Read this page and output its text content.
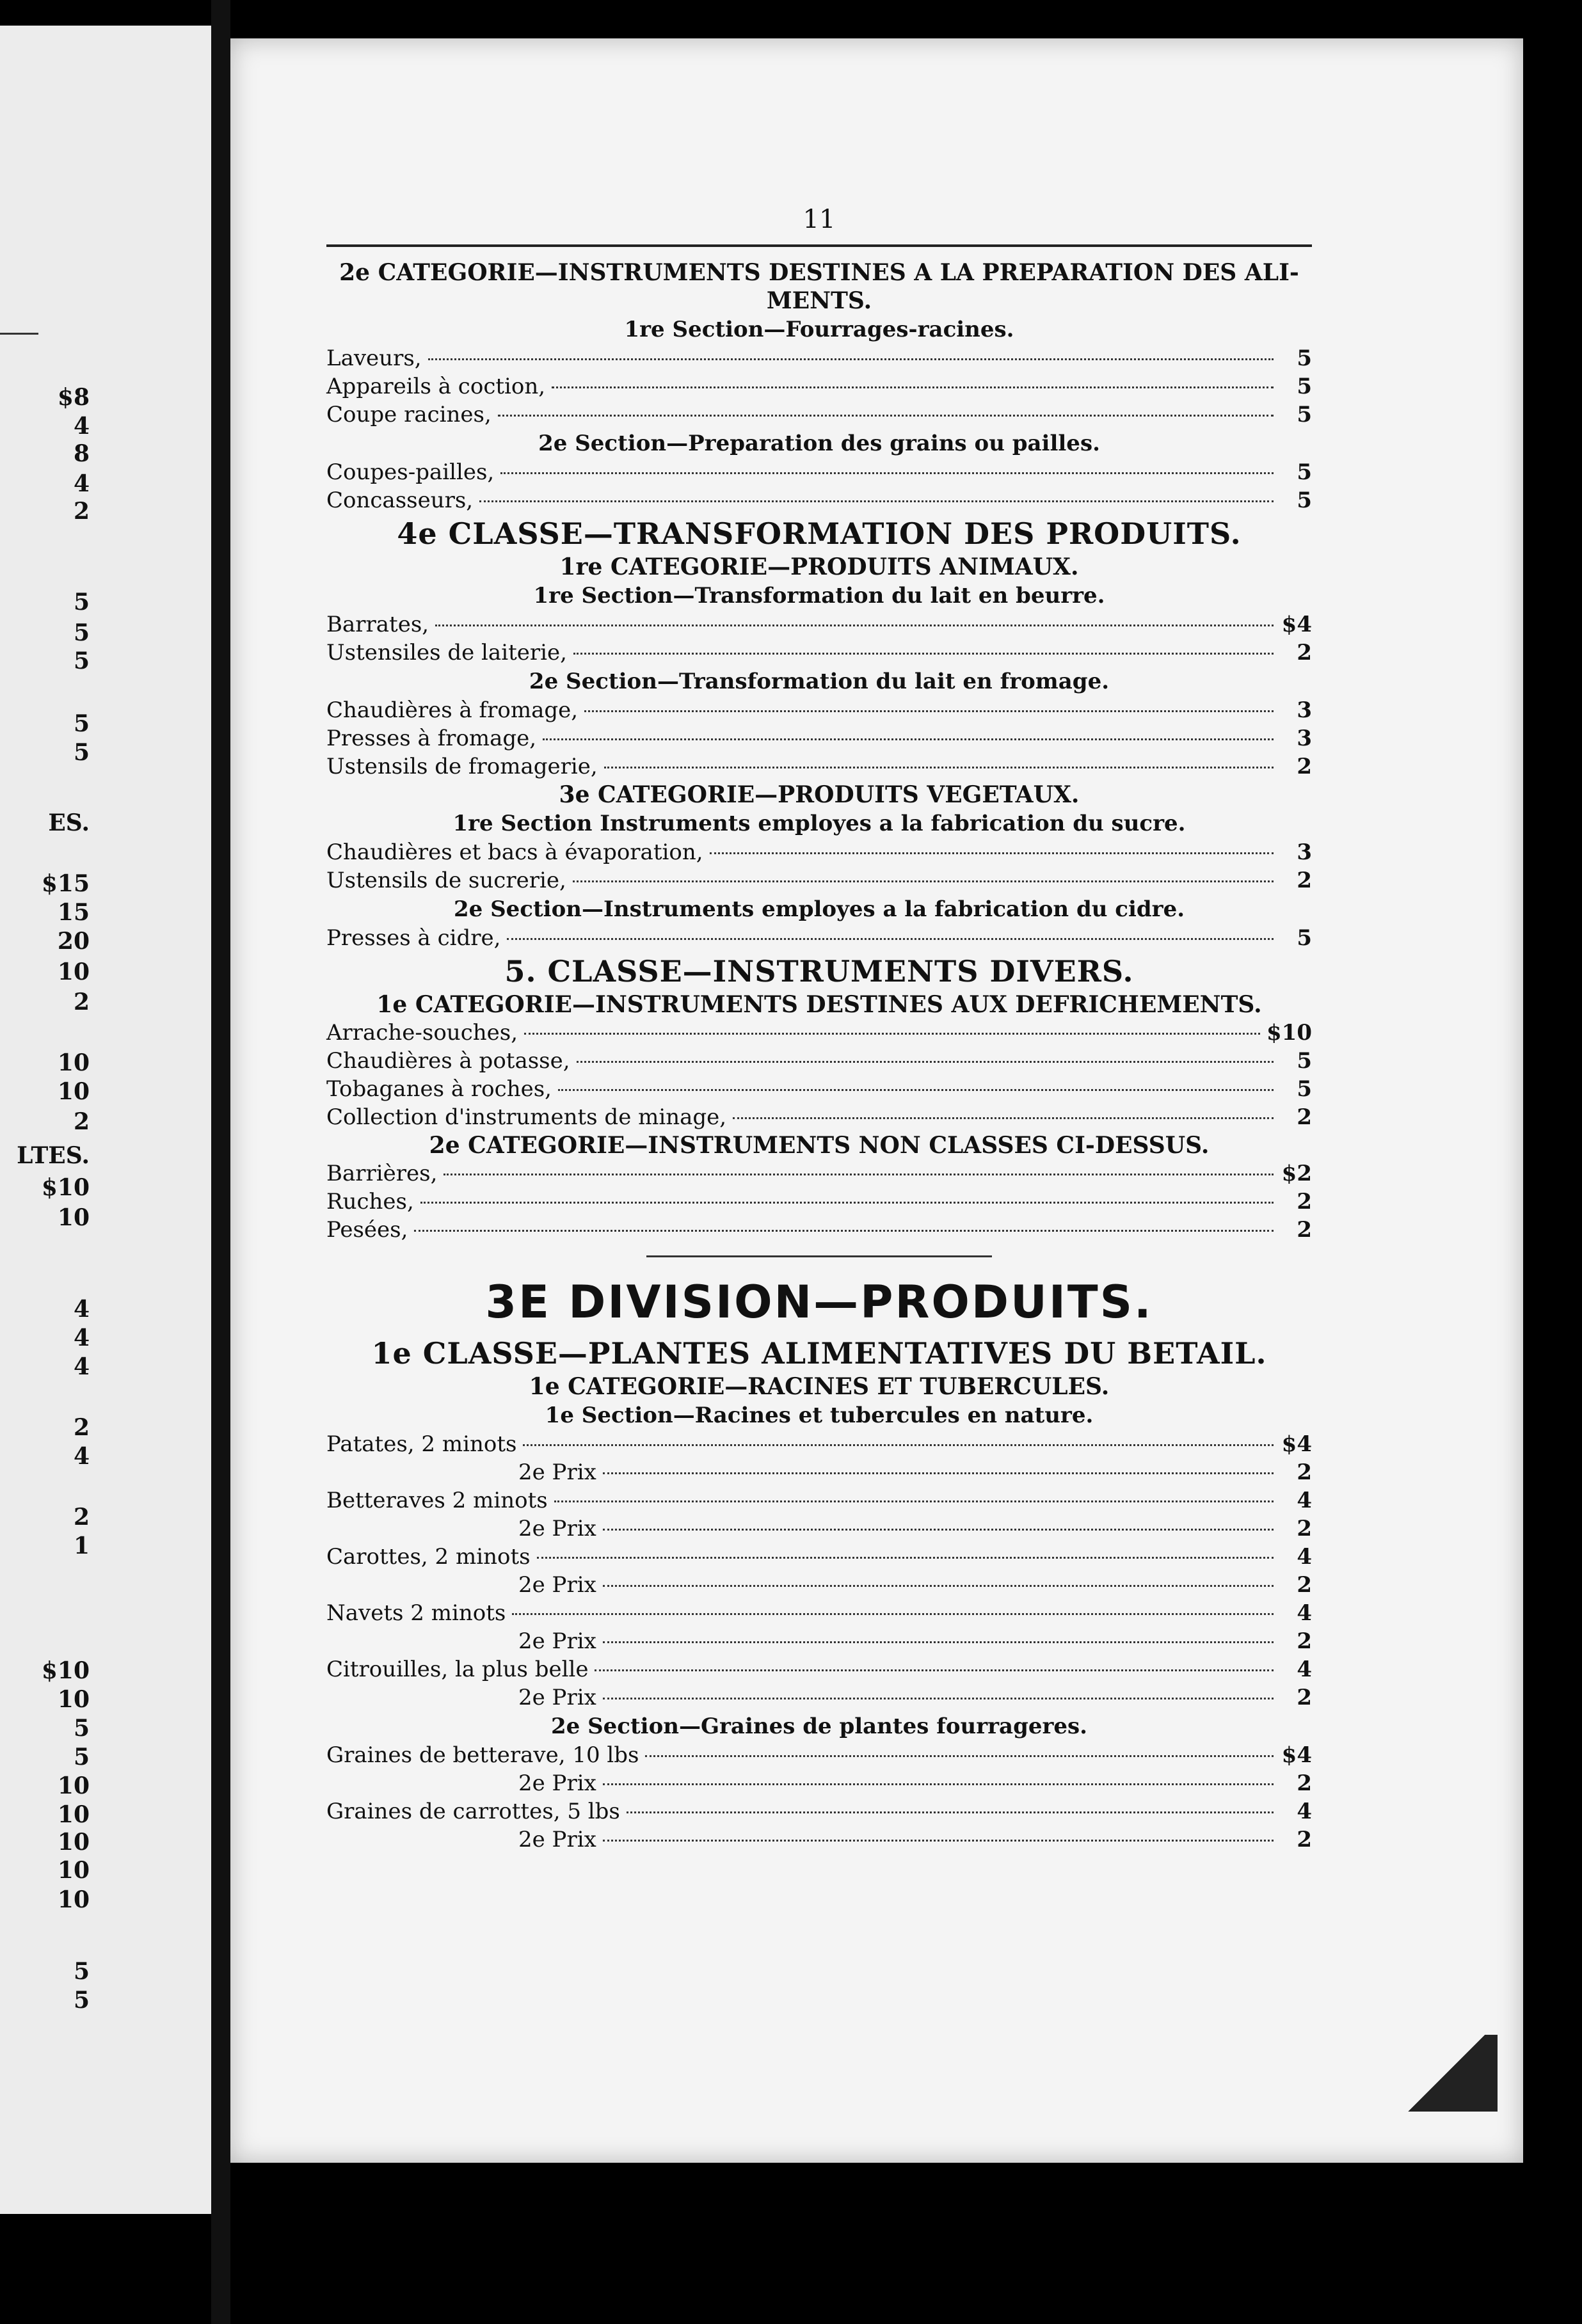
$8
4
8
4
2
5
5
5
5
5
ES.
$15
15
20
10
2
10
10
2
LTES.
$10
10
4
4
4
2
4
2
1
$10
10
5
5
10
10
10
10
10
5
5
11
2e CATEGORIE—INSTRUMENTS DESTINES A LA PREPARATION DES ALI- MENTS.
1re Section—Fourrages-racines.
Laveurs,	5
Appareils à coction,	5
Coupe racines,	5
2e Section—Preparation des grains ou pailles.
Coupes-pailles,	5
Concasseurs,	5
4e CLASSE—TRANSFORMATION DES PRODUITS.
1re CATEGORIE—PRODUITS ANIMAUX.
1re Section—Transformation du lait en beurre.
Barrates,	$4
Ustensiles de laiterie,	2
2e Section—Transformation du lait en fromage.
Chaudières à fromage,	3
Presses à fromage,	3
Ustensils de fromagerie,	2
3e CATEGORIE—PRODUITS VEGETAUX.
1re Section Instruments employes a la fabrication du sucre.
Chaudières et bacs à évaporation,	3
Ustensils de sucrerie,	2
2e Section—Instruments employes a la fabrication du cidre.
Presses à cidre,	5
5. CLASSE—INSTRUMENTS DIVERS.
1e CATEGORIE—INSTRUMENTS DESTINES AUX DEFRICHEMENTS.
Arrache-souches,	$10
Chaudières à potasse,	5
Tobaganes à roches,	5
Collection d'instruments de minage,	2
2e CATEGORIE—INSTRUMENTS NON CLASSES CI-DESSUS.
Barrières,	$2
Ruches,	2
Pesées,	2
3E DIVISION—PRODUITS.
1e CLASSE—PLANTES ALIMENTATIVES DU BETAIL.
1e CATEGORIE—RACINES ET TUBERCULES.
1e Section—Racines et tubercules en nature.
Patates, 2 minots	$4
2e Prix	2
Betteraves 2 minots	4
2e Prix	2
Carottes, 2 minots	4
2e Prix	2
Navets 2 minots	4
2e Prix	2
Citrouilles, la plus belle	4
2e Prix	2
2e Section—Graines de plantes fourrageres.
Graines de betterave, 10 lbs	$4
2e Prix	2
Graines de carrottes, 5 lbs	4
2e Prix	2
